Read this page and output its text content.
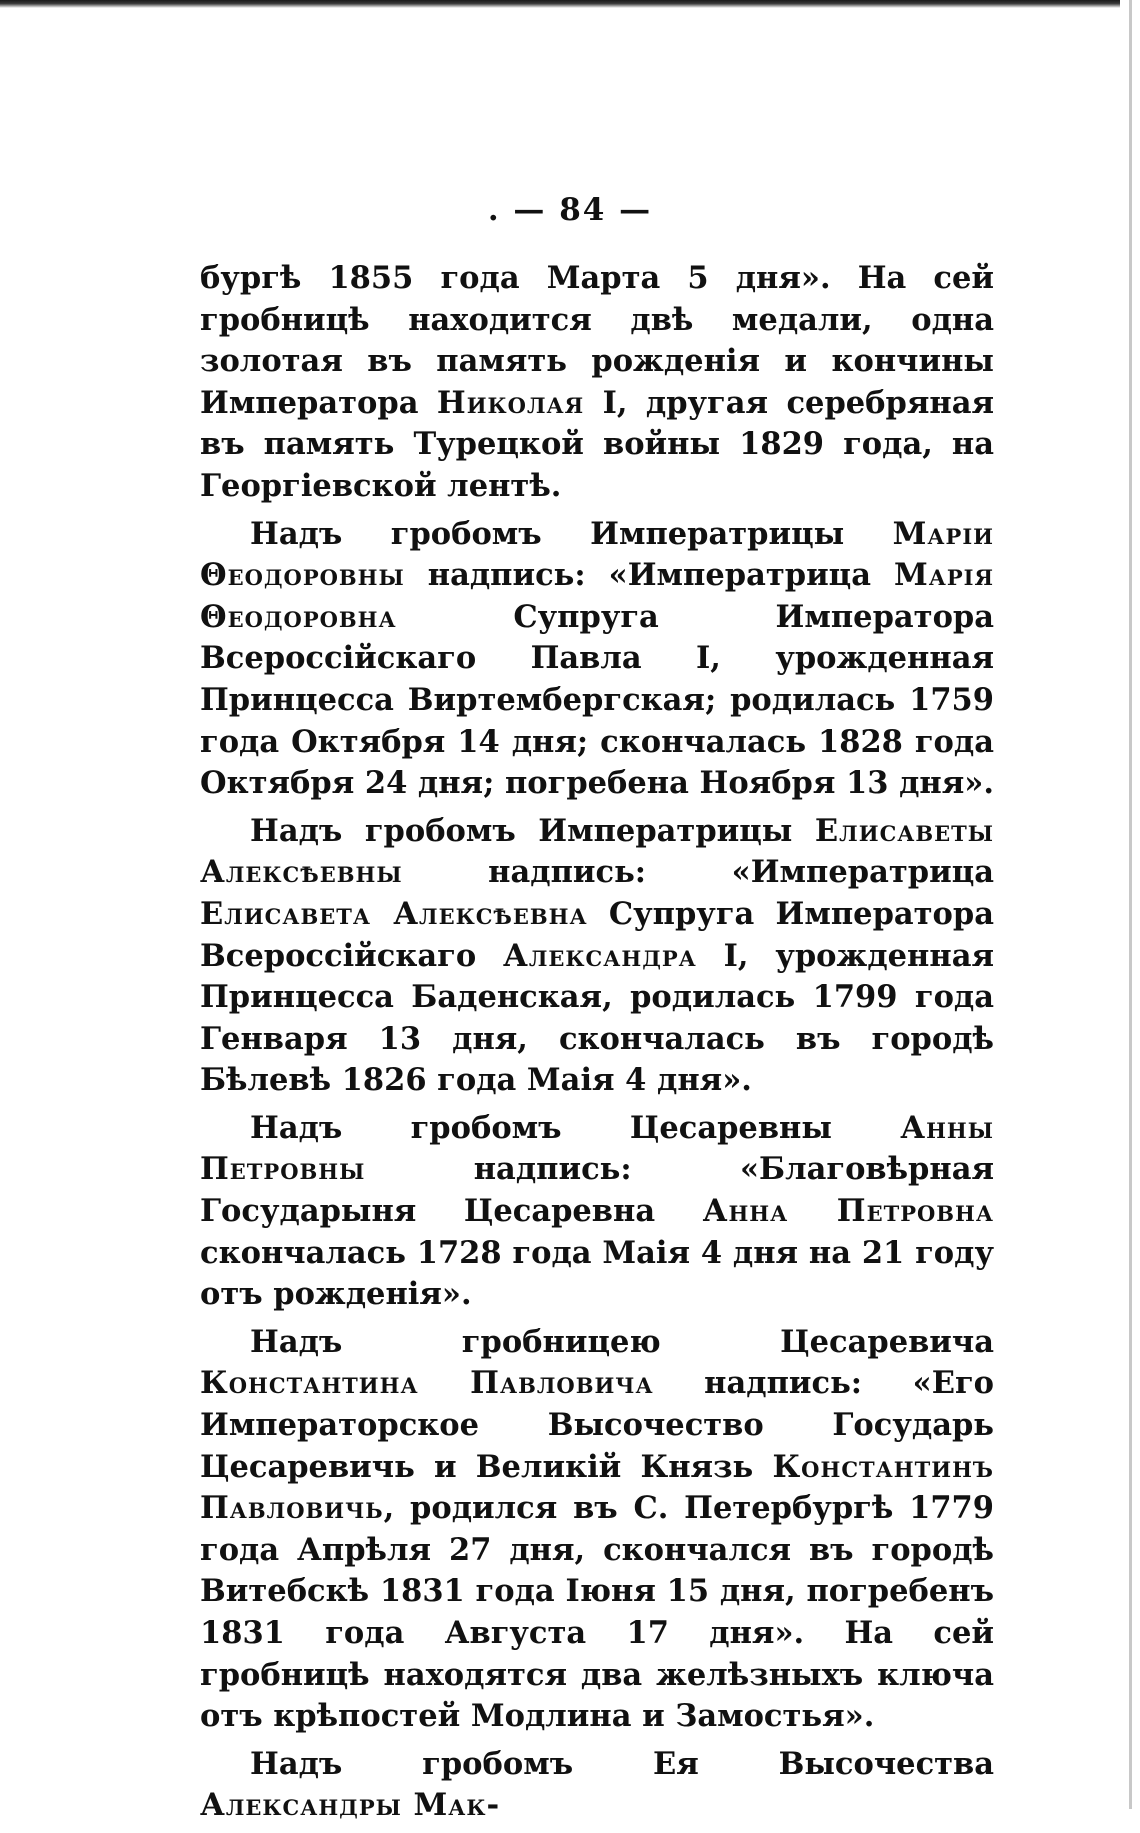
. — 84 —

бургѣ 1855 года Марта 5 дня». На сей гробницѣ находится двѣ медали, одна золотая въ память рожденія и кончины Императора Николая I, другая серебряная въ память Турецкой войны 1829 года, на Георгіевской лентѣ.

Надъ гробомъ Императрицы Маріи Θеодоровны надпись: «Императрица Марія Θеодоровна Супруга Императора Всероссійскаго Павла I, урожденная Принцесса Виртембергская; родилась 1759 года Октября 14 дня; скончалась 1828 года Октября 24 дня; погребена Ноября 13 дня».

Надъ гробомъ Императрицы Елисаветы Алексѣевны надпись: «Императрица Елисавета Алексѣевна Супруга Императора Всероссійскаго Александра I, урожденная Принцесса Баденская, родилась 1799 года Генваря 13 дня, скончалась въ городѣ Бѣлевѣ 1826 года Маія 4 дня».

Надъ гробомъ Цесаревны Анны Петровны надпись: «Благовѣрная Государыня Цесаревна Анна Петровна скончалась 1728 года Маія 4 дня на 21 году отъ рожденія».

Надъ гробницею Цесаревича Константина Павловича надпись: «Его Императорское Высочество Государь Цесаревичь и Великій Князь Константинъ Павловичь, родился въ С. Петербургѣ 1779 года Апрѣля 27 дня, скончался въ городѣ Витебскѣ 1831 года Іюня 15 дня, погребенъ 1831 года Августа 17 дня». На сей гробницѣ находятся два желѣзныхъ ключа отъ крѣпостей Модлина и Замостья».

Надъ гробомъ Ея Высочества Александры Мак-
